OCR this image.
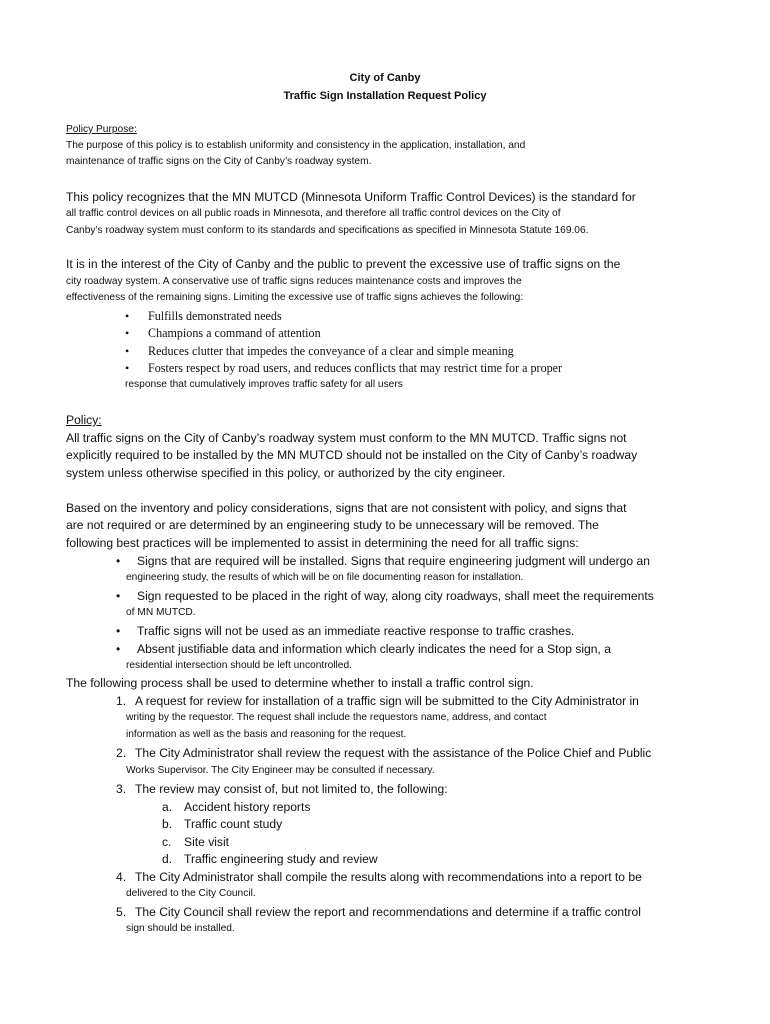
City of Canby
Traffic Sign Installation Request Policy
Policy Purpose:
The purpose of this policy is to establish uniformity and consistency in the application, installation, and
maintenance of traffic signs on the City of Canby’s roadway system.
This policy recognizes that the MN MUTCD (Minnesota Uniform Traffic Control Devices) is the standard for
all traffic control devices on all public roads in Minnesota, and therefore all traffic control devices on the City of
Canby’s roadway system must conform to its standards and specifications as specified in Minnesota Statute 169.06.
It is in the interest of the City of Canby and the public to prevent the excessive use of traffic signs on the
city roadway system. A conservative use of traffic signs reduces maintenance costs and improves the
effectiveness of the remaining signs. Limiting the excessive use of traffic signs achieves the following:
• Fulfills demonstrated needs
• Champions a command of attention
• Reduces clutter that impedes the conveyance of a clear and simple meaning
• Fosters respect by road users, and reduces conflicts that may restrict time for a proper
response that cumulatively improves traffic safety for all users
Policy:
All traffic signs on the City of Canby’s roadway system must conform to the MN MUTCD. Traffic signs not
explicitly required to be installed by the MN MUTCD should not be installed on the City of Canby’s roadway
system unless otherwise specified in this policy, or authorized by the city engineer.
Based on the inventory and policy considerations, signs that are not consistent with policy, and signs that
are not required or are determined by an engineering study to be unnecessary will be removed. The
following best practices will be implemented to assist in determining the need for all traffic signs:
• Signs that are required will be installed. Signs that require engineering judgment will undergo an
engineering study, the results of which will be on file documenting reason for installation.
• Sign requested to be placed in the right of way, along city roadways, shall meet the requirements
of MN MUTCD.
• Traffic signs will not be used as an immediate reactive response to traffic crashes.
• Absent justifiable data and information which clearly indicates the need for a Stop sign, a
residential intersection should be left uncontrolled.
The following process shall be used to determine whether to install a traffic control sign.
1. A request for review for installation of a traffic sign will be submitted to the City Administrator in
writing by the requestor. The request shall include the requestors name, address, and contact
information as well as the basis and reasoning for the request.
2. The City Administrator shall review the request with the assistance of the Police Chief and Public
Works Supervisor. The City Engineer may be consulted if necessary.
3. The review may consist of, but not limited to, the following:
a. Accident history reports
b. Traffic count study
c. Site visit
d. Traffic engineering study and review
4. The City Administrator shall compile the results along with recommendations into a report to be
delivered to the City Council.
5. The City Council shall review the report and recommendations and determine if a traffic control
sign should be installed.
